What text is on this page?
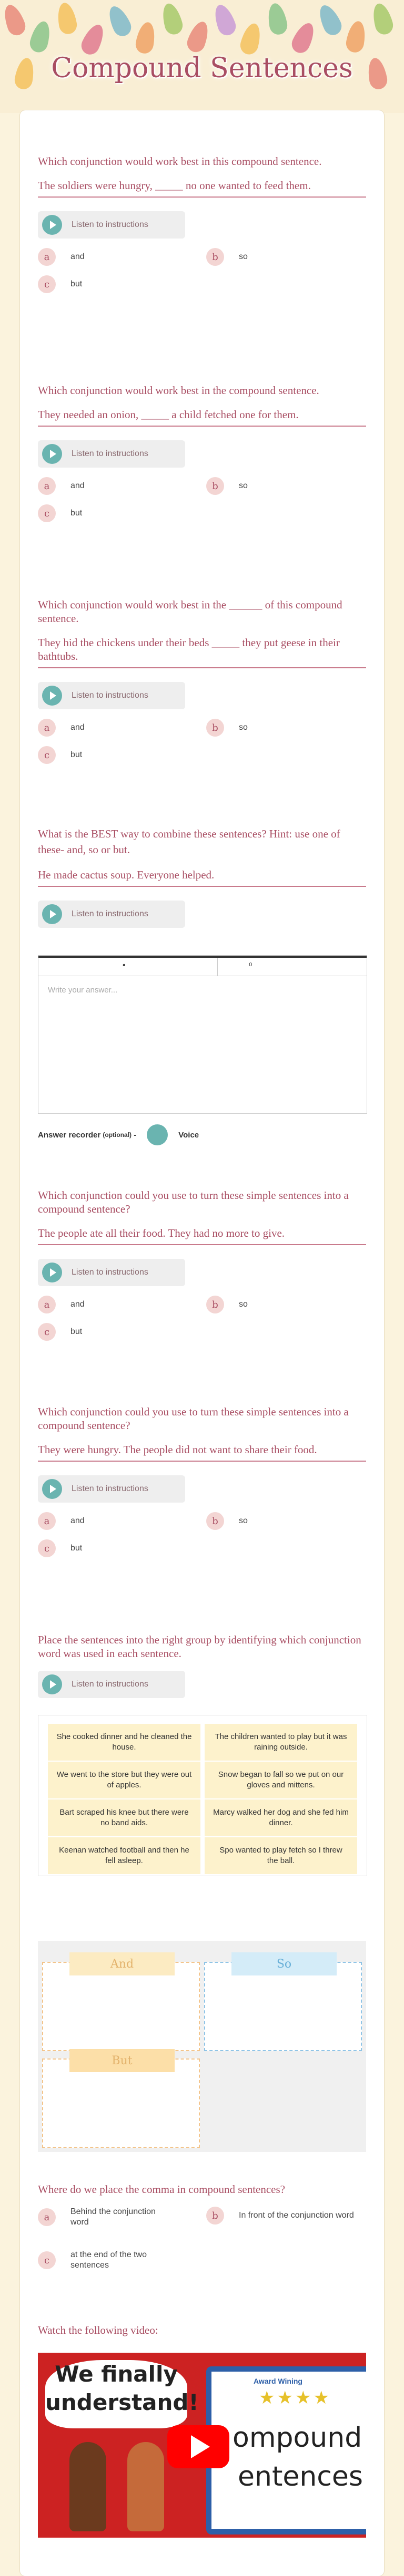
Compound Sentences
Which conjunction would work best in this compound sentence.
The soldiers were hungry, _____ no one wanted to feed them.
Listen to instructions
a	and	b	so
c	but
Which conjunction would work best in the compound sentence.
They needed an onion, _____ a child fetched one for them.
Listen to instructions
a	and	b	so
c	but
Which conjunction would work best in the ______ of this compound sentence.
They hid the chickens under their beds _____ they put geese in their bathtubs.
Listen to instructions
a	and	b	so
c	but
What is the BEST way to combine these sentences? Hint: use one of these- and, so or but.
He made cactus soup. Everyone helped.
Listen to instructions
•	⁰
Write your answer...
Answer recorder
(optional)
-	Voice
Which conjunction could you use to turn these simple sentences into a compound sentence?
The people ate all their food. They had no more to give.
Listen to instructions
a	and	b	so
c	but
Which conjunction could you use to turn these simple sentences into a compound sentence?
They were hungry. The people did not want to share their food.
Listen to instructions
a	and	b	so
c	but
Place the sentences into the right group by identifying which conjunction word was used in each sentence.
Listen to instructions
She cooked dinner and he cleaned the house.
The children wanted to play but it was raining outside.
We went to the store but they were out of apples.
Snow began to fall so we put on our gloves and mittens.
Bart scraped his knee but there were no band aids.
Marcy walked her dog and she fed him dinner.
Keenan watched football and then he fell asleep.
Spo wanted to play fetch so I threw the ball.
And	So
But
Where do we place the comma in compound sentences?
a	Behind the conjunction word
b	In front of the conjunction word
c	at the end of the two sentences
Watch the following video:
We finally
understand!
Award Wining
★★★★
ompound
entences
